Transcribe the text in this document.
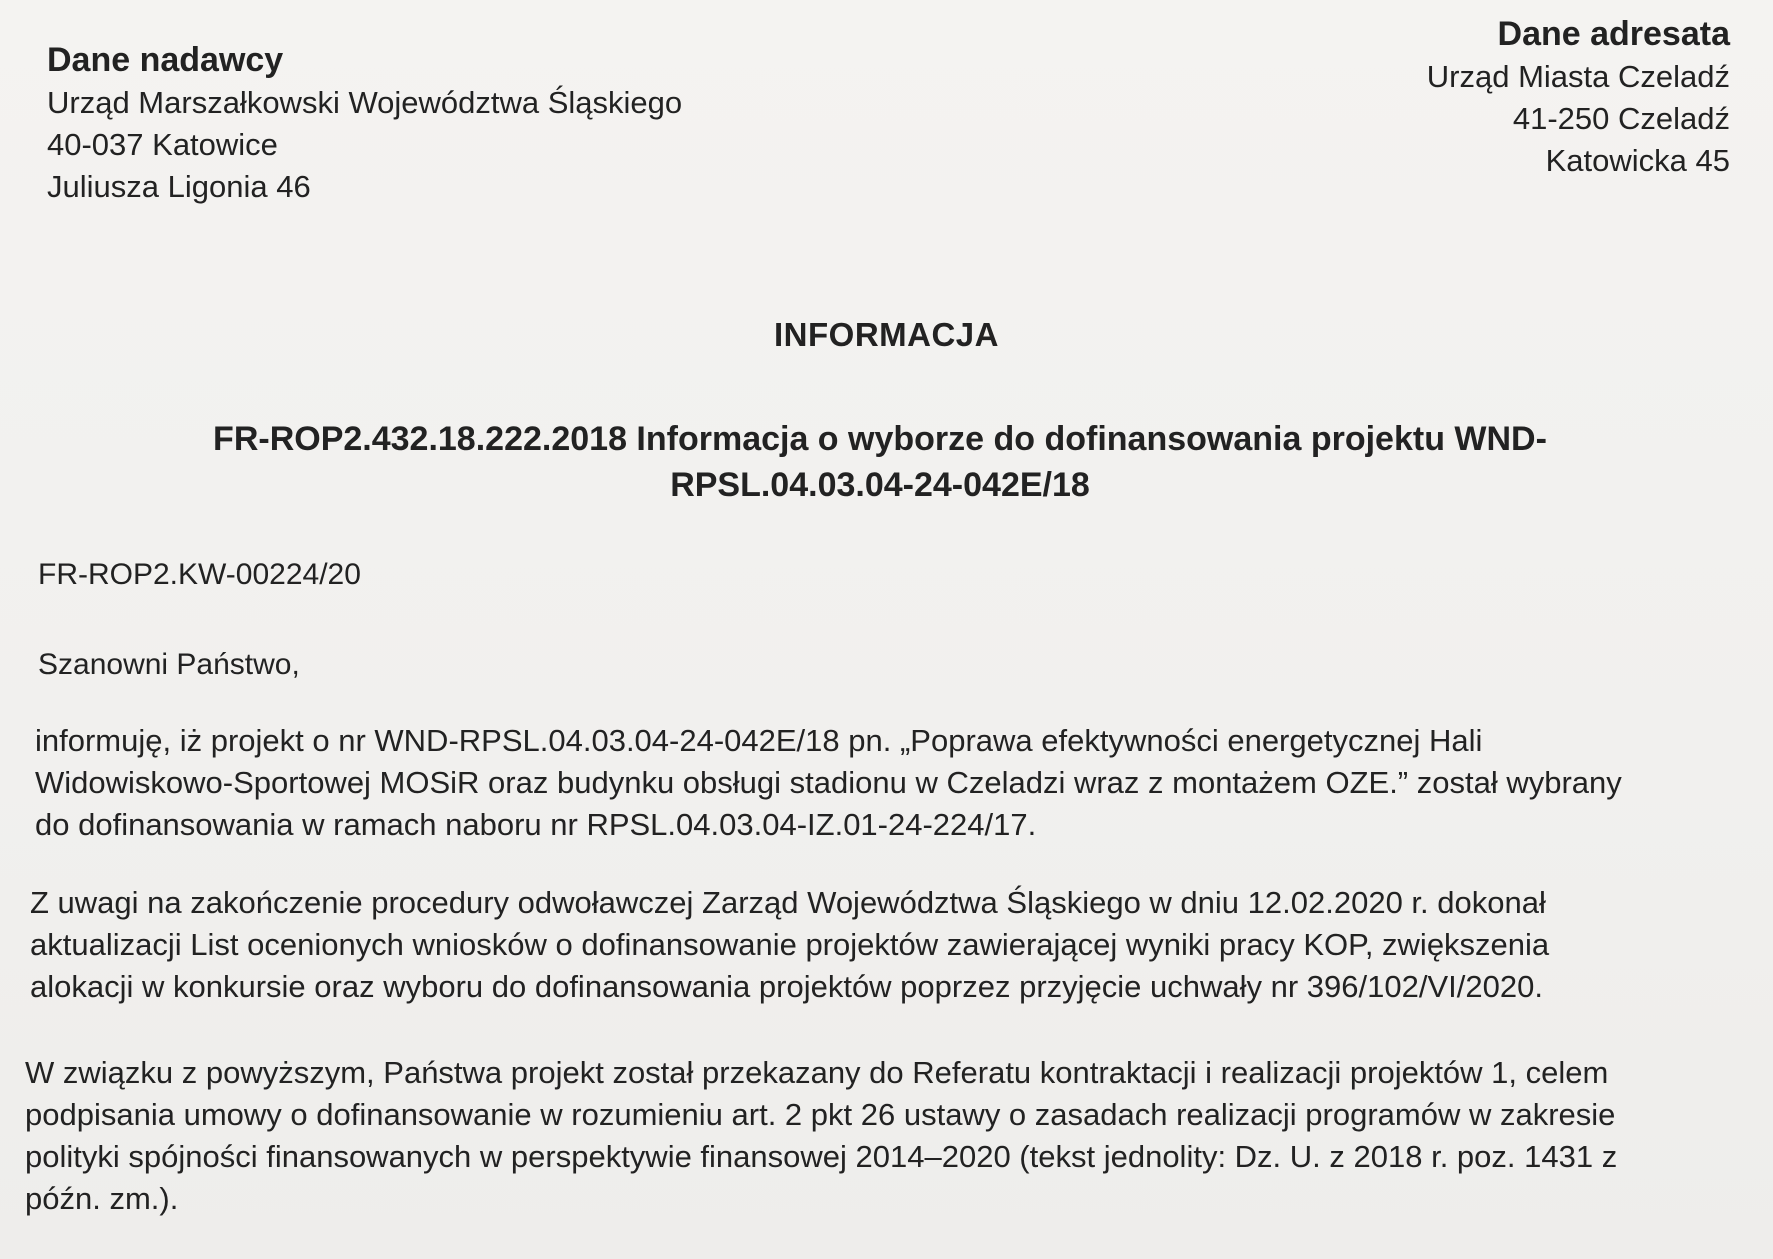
Dane nadawcy
Urząd Marszałkowski Województwa Śląskiego
40-037 Katowice
Juliusza Ligonia 46
Dane adresata
Urząd Miasta Czeladź
41-250 Czeladź
Katowicka 45
INFORMACJA
FR-ROP2.432.18.222.2018 Informacja o wyborze do dofinansowania projektu WND-
RPSL.04.03.04-24-042E/18
FR-ROP2.KW-00224/20
Szanowni Państwo,
informuję, iż projekt o nr WND-RPSL.04.03.04-24-042E/18 pn. „Poprawa efektywności energetycznej Hali
Widowiskowo-Sportowej MOSiR oraz budynku obsługi stadionu w Czeladzi wraz z montażem OZE.” został wybrany
do dofinansowania w ramach naboru nr RPSL.04.03.04-IZ.01-24-224/17.
Z uwagi na zakończenie procedury odwoławczej Zarząd Województwa Śląskiego w dniu 12.02.2020 r. dokonał
aktualizacji List ocenionych wniosków o dofinansowanie projektów zawierającej wyniki pracy KOP, zwiększenia
alokacji w konkursie oraz wyboru do dofinansowania projektów poprzez przyjęcie uchwały nr 396/102/VI/2020.
W związku z powyższym, Państwa projekt został przekazany do Referatu kontraktacji i realizacji projektów 1, celem
podpisania umowy o dofinansowanie w rozumieniu art. 2 pkt 26 ustawy o zasadach realizacji programów w zakresie
polityki spójności finansowanych w perspektywie finansowej 2014–2020 (tekst jednolity: Dz. U. z 2018 r. poz. 1431 z
późn. zm.).
